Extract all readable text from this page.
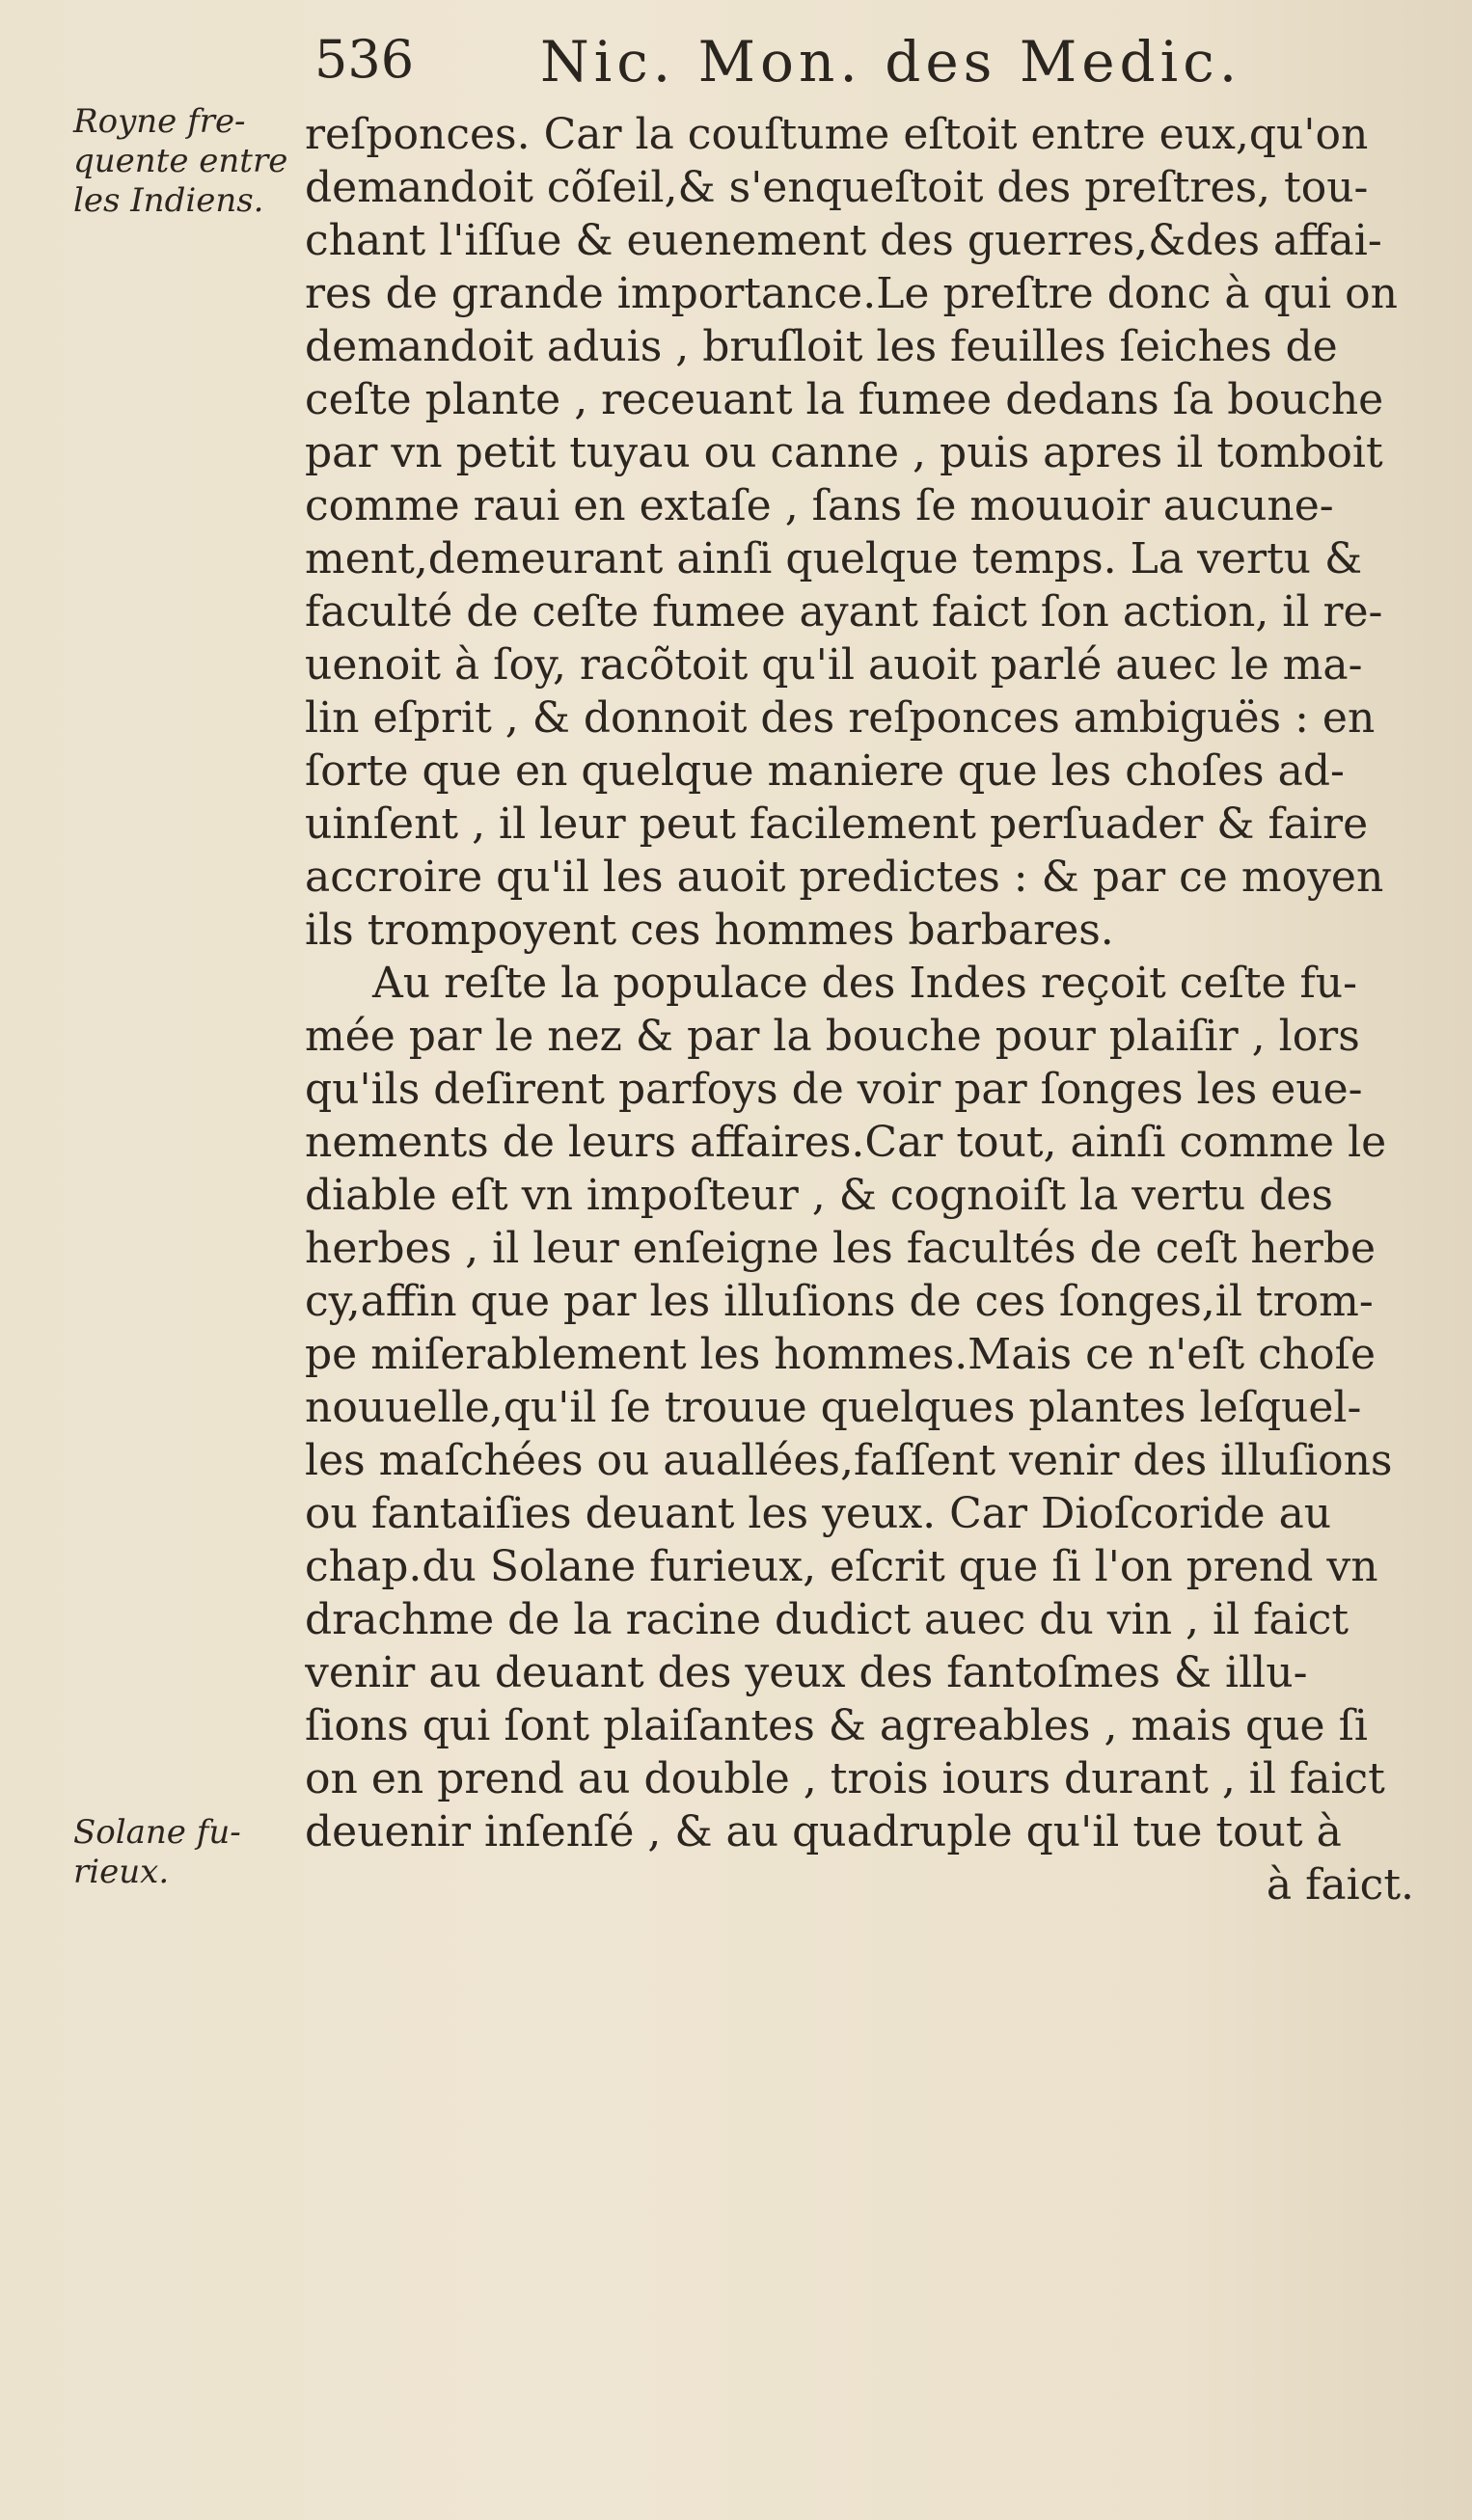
536 Nic. Mon. des Medic.
Royne fre- quente entre les Indiens.
Solane fu- rieux.
reſponces. Car la couſtume eſtoit entre eux,qu'on
demandoit cõſeil,& s'enqueſtoit des preſtres, tou-
chant l'iſſue & euenement des guerres,&des affai-
res de grande importance.Le preſtre donc à qui on
demandoit aduis , bruſloit les feuilles ſeiches de
ceſte plante , receuant la fumee dedans ſa bouche
par vn petit tuyau ou canne , puis apres il tomboit
comme raui en extaſe , ſans ſe mouuoir aucune-
ment,demeurant ainſi quelque temps. La vertu &
faculté de ceſte fumee ayant faict ſon action, il re-
uenoit à ſoy, racõtoit qu'il auoit parlé auec le ma-
lin eſprit , & donnoit des reſponces ambiguës : en
ſorte que en quelque maniere que les choſes ad-
uinſent , il leur peut facilement perſuader & faire
accroire qu'il les auoit predictes : & par ce moyen
ils trompoyent ces hommes barbares.
Au reſte la populace des Indes reçoit ceſte fu-
mée par le nez & par la bouche pour plaiſir , lors
qu'ils deſirent parfoys de voir par ſonges les eue-
nements de leurs affaires.Car tout, ainſi comme le
diable eſt vn impoſteur , & cognoiſt la vertu des
herbes , il leur enſeigne les facultés de ceſt herbe
cy,affin que par les illuſions de ces ſonges,il trom-
pe miſerablement les hommes.Mais ce n'eſt choſe
nouuelle,qu'il ſe trouue quelques plantes leſquel-
les maſchées ou auallées,faſſent venir des illuſions
ou fantaiſies deuant les yeux. Car Dioſcoride au
chap.du Solane furieux, eſcrit que ſi l'on prend vn
drachme de la racine dudict auec du vin , il faict
venir au deuant des yeux des fantoſmes & illu-
ſions qui ſont plaiſantes & agreables , mais que ſi
on en prend au double , trois iours durant , il faict
deuenir inſenſé , & au quadruple qu'il tue tout à
à faict.
